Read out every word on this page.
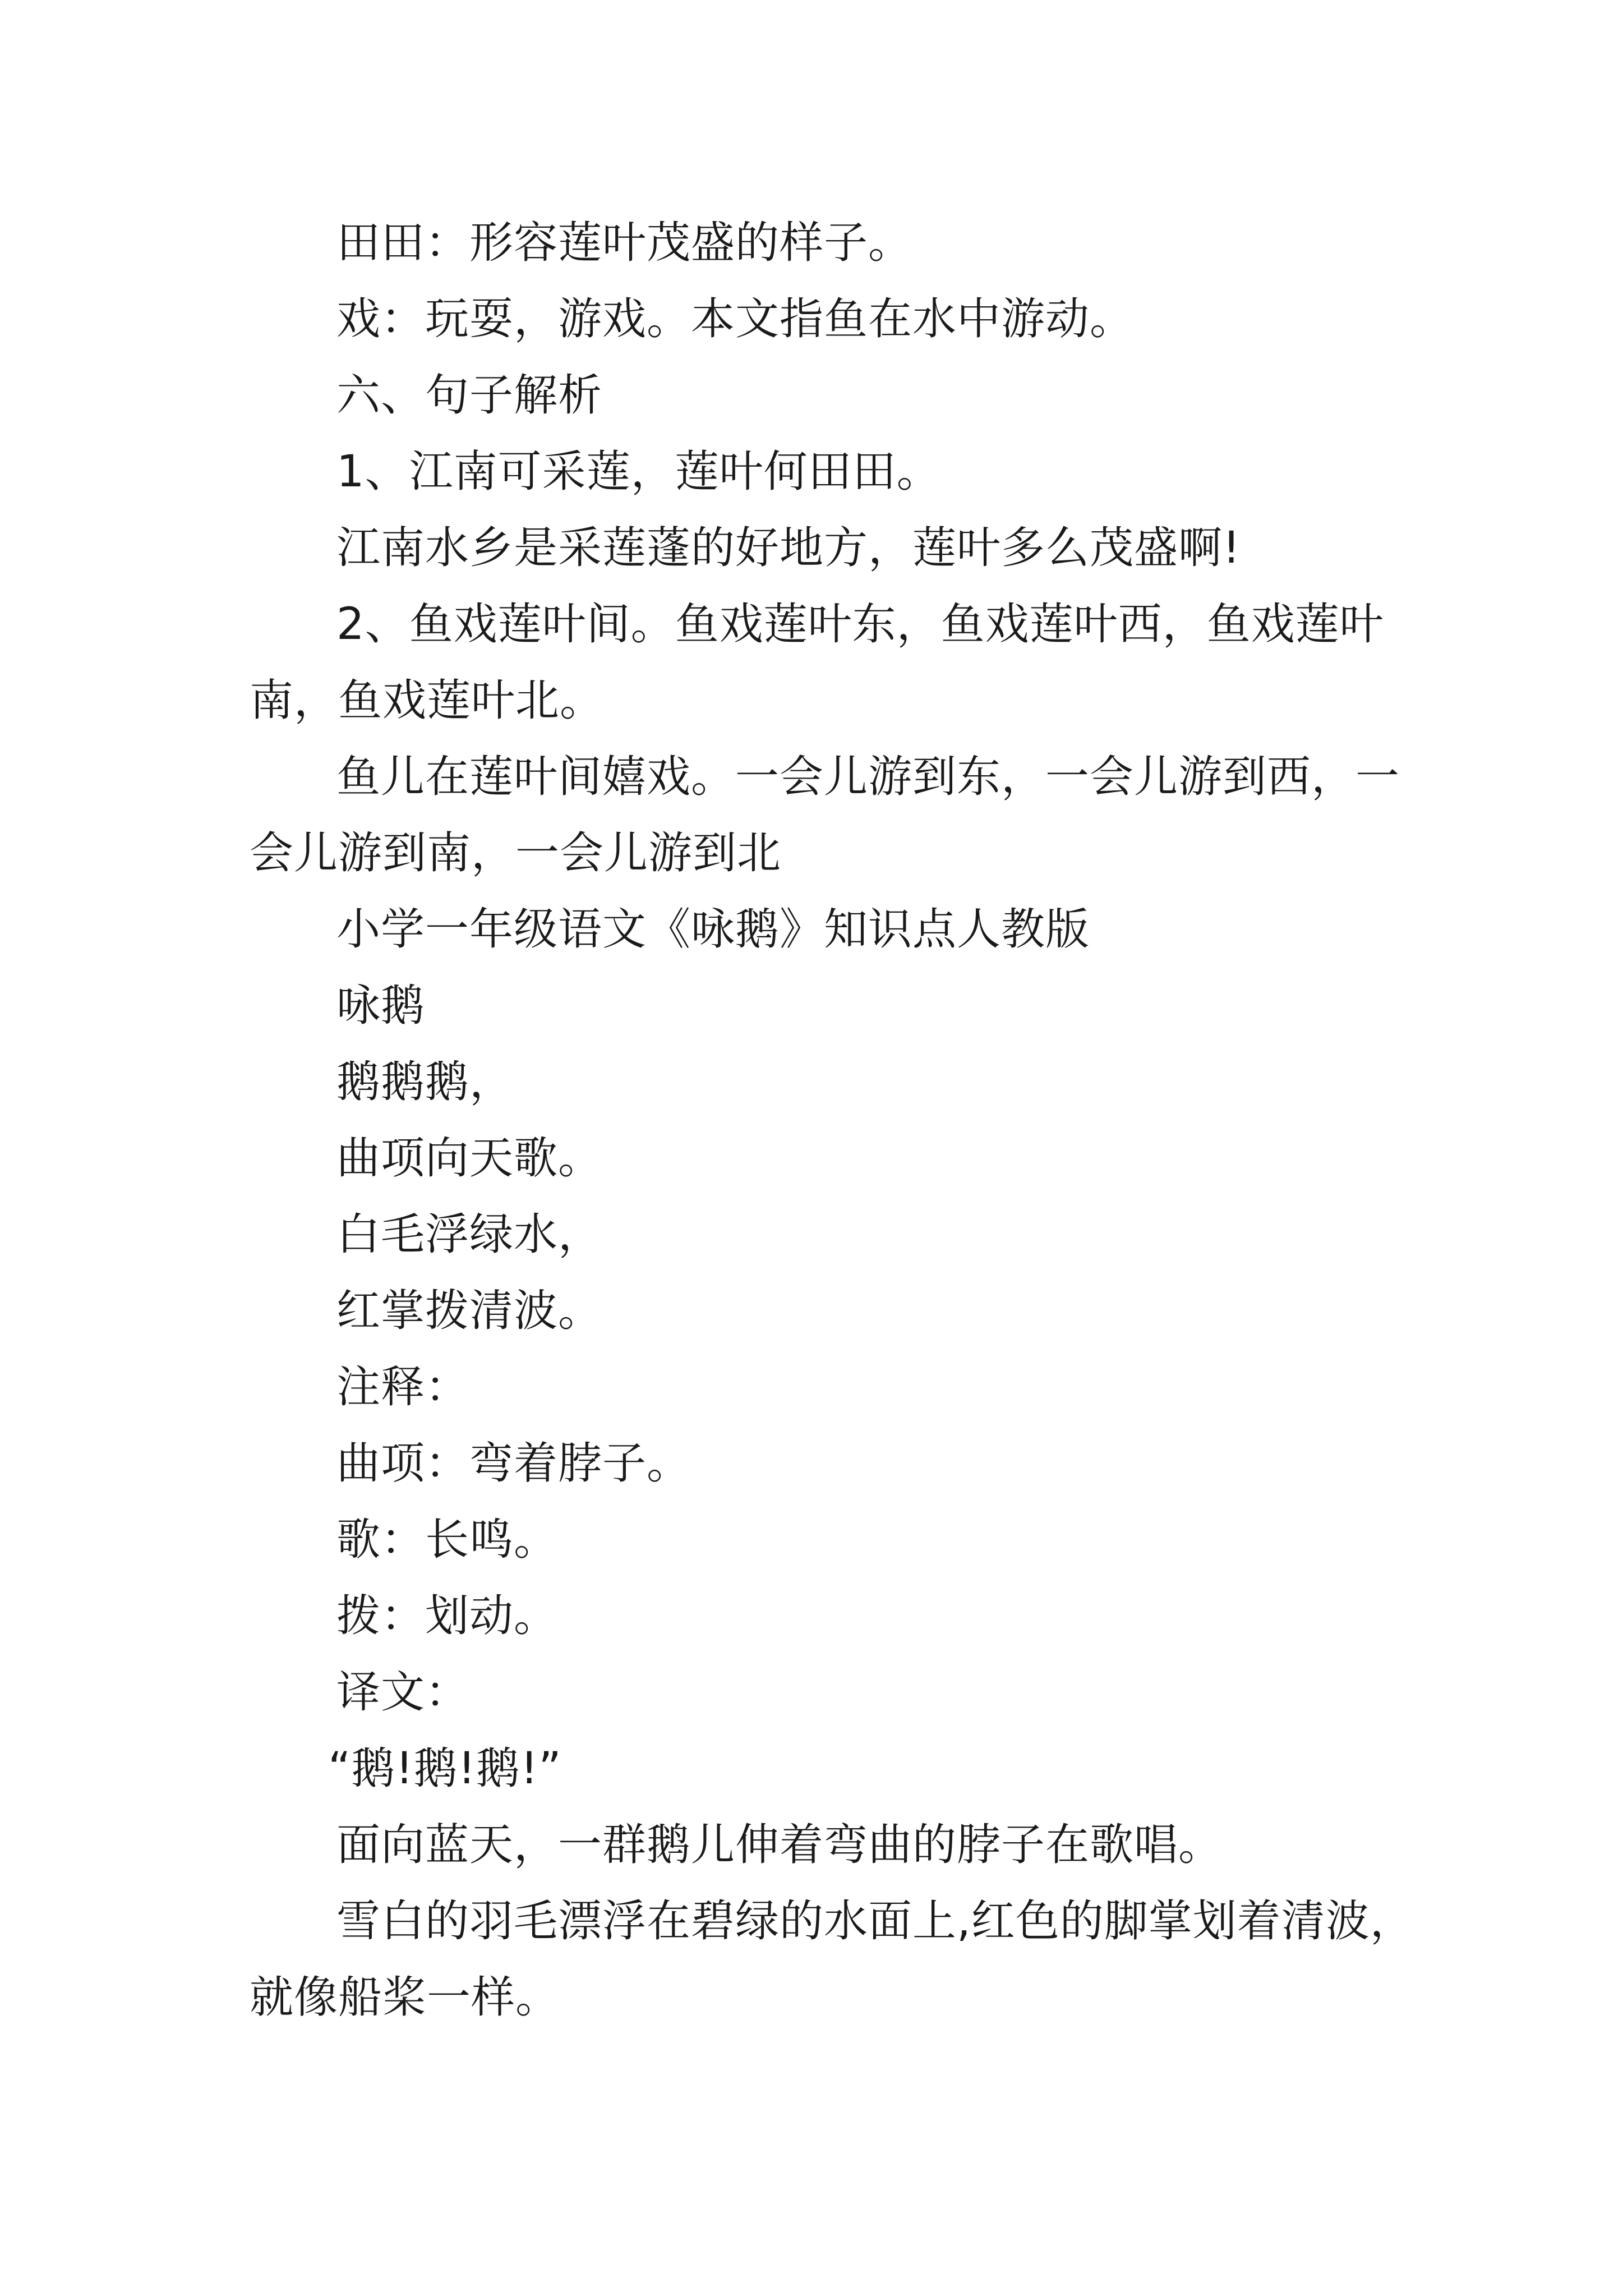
田田：形容莲叶茂盛的样子。
戏：玩耍，游戏。本文指鱼在水中游动。
六、句子解析
1、江南可采莲，莲叶何田田。
江南水乡是采莲蓬的好地方，莲叶多么茂盛啊!
2、鱼戏莲叶间。鱼戏莲叶东，鱼戏莲叶西，鱼戏莲叶
南，鱼戏莲叶北。
鱼儿在莲叶间嬉戏。一会儿游到东，一会儿游到西，一
会儿游到南，一会儿游到北
小学一年级语文《咏鹅》知识点人教版
咏鹅
鹅鹅鹅，
曲项向天歌。
白毛浮绿水，
红掌拨清波。
注释：
曲项：弯着脖子。
歌：长鸣。
拨：划动。
译文：
“鹅!鹅!鹅!”
面向蓝天，一群鹅儿伸着弯曲的脖子在歌唱。
雪白的羽毛漂浮在碧绿的水面上,红色的脚掌划着清波，
就像船桨一样。
